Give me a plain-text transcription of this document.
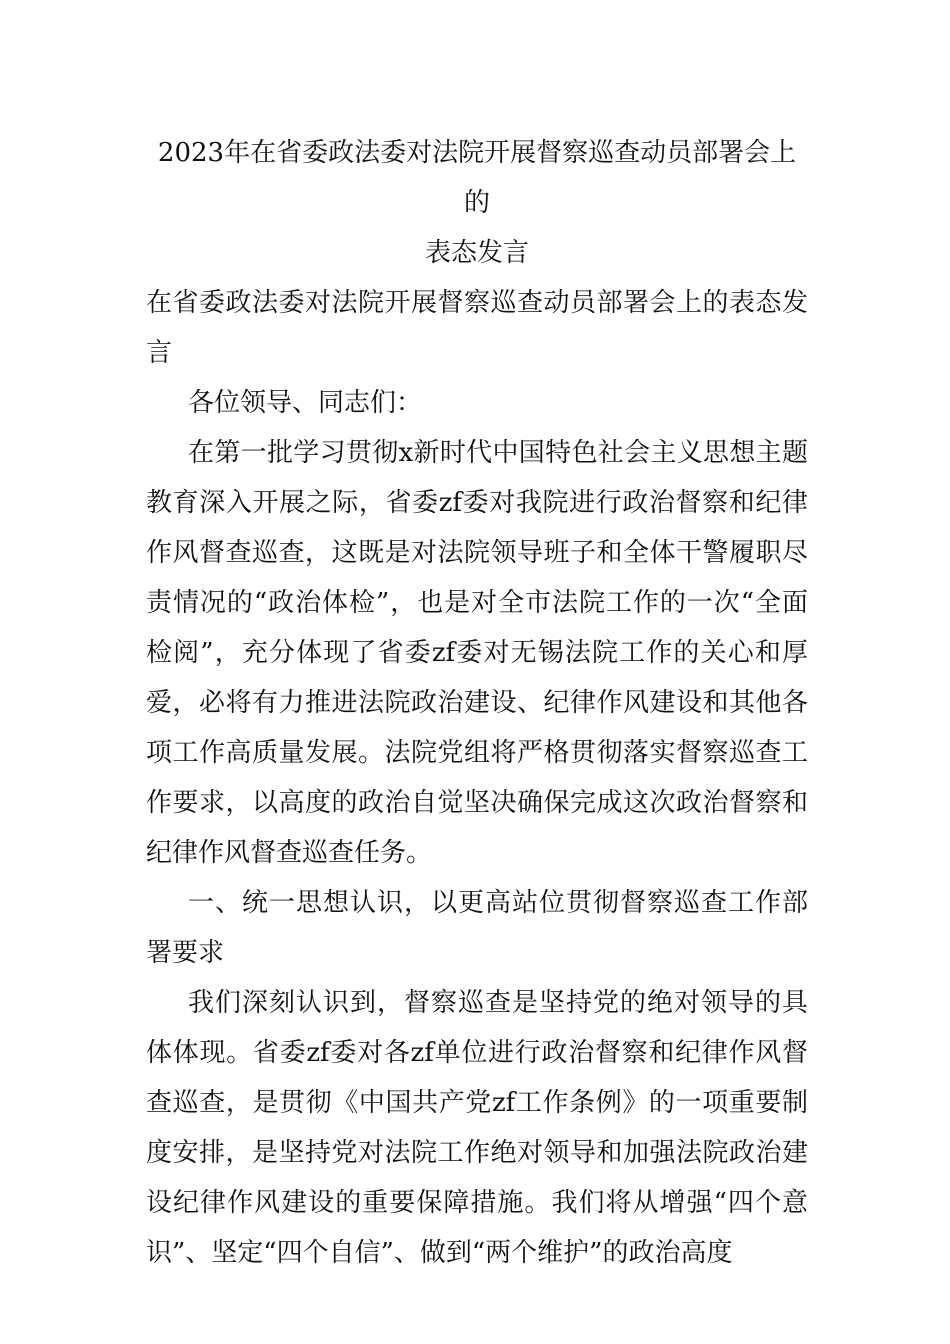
2023年在省委政法委对法院开展督察巡查动员部署会上的
表态发言

在省委政法委对法院开展督察巡查动员部署会上的表态发言

各位领导、同志们：

在第一批学习贯彻x新时代中国特色社会主义思想主题教育深入开展之际，省委zf委对我院进行政治督察和纪律作风督查巡查，这既是对法院领导班子和全体干警履职尽责情况的“政治体检”，也是对全市法院工作的一次“全面检阅”，充分体现了省委zf委对无锡法院工作的关心和厚爱，必将有力推进法院政治建设、纪律作风建设和其他各项工作高质量发展。法院党组将严格贯彻落实督察巡查工作要求，以高度的政治自觉坚决确保完成这次政治督察和纪律作风督查巡查任务。

一、统一思想认识，以更高站位贯彻督察巡查工作部署要求

我们深刻认识到，督察巡查是坚持党的绝对领导的具体体现。省委zf委对各zf单位进行政治督察和纪律作风督查巡查，是贯彻《中国共产党zf工作条例》的一项重要制度安排，是坚持党对法院工作绝对领导和加强法院政治建设纪律作风建设的重要保障措施。我们将从增强“四个意识”、坚定“四个自信”、做到“两个维护”的政治高度
